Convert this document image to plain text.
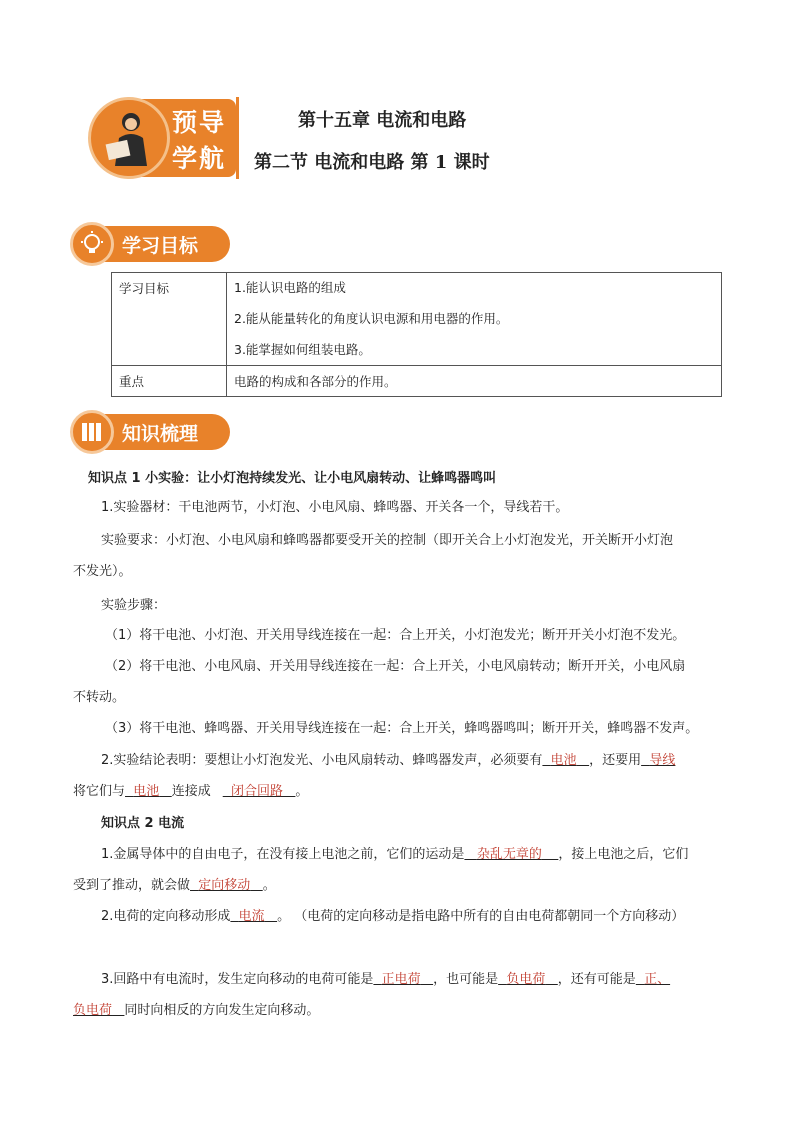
预导
学航
第十五章 电流和电路
第二节 电流和电路 第 1 课时
学习目标
学习目标	1.能认识电路的组成
2.能从能量转化的角度认识电源和用电器的作用。
3.能掌握如何组装电路。

重点	电路的构成和各部分的作用。
知识梳理
知识点 1 小实验：让小灯泡持续发光、让小电风扇转动、让蜂鸣器鸣叫
1.实验器材：干电池两节，小灯泡、小电风扇、蜂鸣器、开关各一个，导线若干。
实验要求：小灯泡、小电风扇和蜂鸣器都要受开关的控制（即开关合上小灯泡发光，开关断开小灯泡
不发光）。
实验步骤：
（1）将干电池、小灯泡、开关用导线连接在一起：合上开关，小灯泡发光；断开开关小灯泡不发光。
（2）将干电池、小电风扇、开关用导线连接在一起：合上开关，小电风扇转动；断开开关，小电风扇
不转动。
（3）将干电池、蜂鸣器、开关用导线连接在一起：合上开关，蜂鸣器鸣叫；断开开关，蜂鸣器不发声。
2.实验结论表明：要想让小灯泡发光、小电风扇转动、蜂鸣器发声，必须要有 电池 ，还要用 导线
将它们与 电池 连接成 闭合回路 。
知识点 2 电流
1.金属导体中的自由电子，在没有接上电池之前，它们的运动是 杂乱无章的 ，接上电池之后，它们
受到了推动，就会做 定向移动 。
2.电荷的定向移动形成 电流 。 （电荷的定向移动是指电路中所有的自由电荷都朝同一个方向移动）
3.回路中有电流时，发生定向移动的电荷可能是 正电荷 ，也可能是 负电荷 ，还有可能是 正、
负电荷 同时向相反的方向发生定向移动。
